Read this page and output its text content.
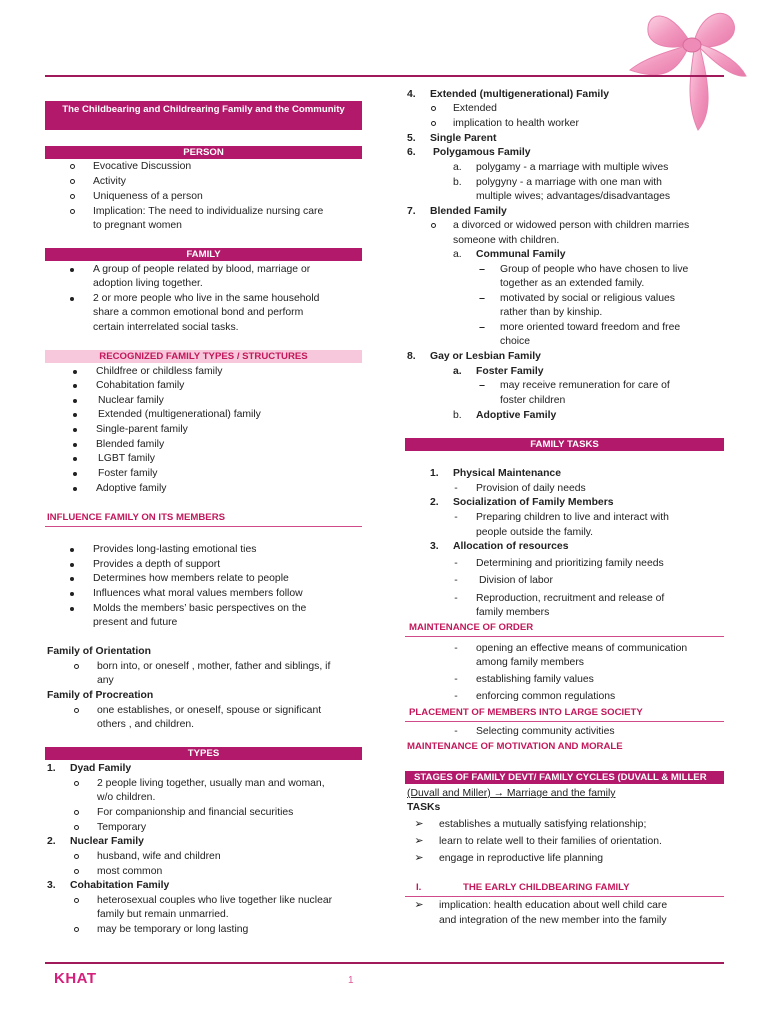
The Childbearing and Childrearing Family and the Community
PERSON
Evocative Discussion
Activity
Uniqueness of a person
Implication: The need to individualize nursing care
to pregnant women
FAMILY
A group of people related by blood, marriage or
adoption living together.
2 or more people who live in the same household
share a common emotional bond and perform
certain interrelated social tasks.
RECOGNIZED FAMILY TYPES / STRUCTURES
Childfree or childless family
Cohabitation family
Nuclear family
Extended (multigenerational) family
Single-parent family
Blended family
LGBT family
Foster family
Adoptive family
INFLUENCE FAMILY ON ITS MEMBERS
Provides long-lasting emotional ties
Provides a depth of support
Determines how members relate to people
Influences what moral values members follow
Molds the members’ basic perspectives on the
present and future
Family of Orientation
born into, or oneself , mother, father and siblings, if
any
Family of Procreation
one establishes, or oneself, spouse or significant
others , and children.
TYPES
1. Dyad Family
2 people living together, usually man and woman,
w/o children.
For companionship and financial securities
Temporary
2. Nuclear Family
husband, wife and children
most common
3. Cohabitation Family
heterosexual couples who live together like nuclear
family but remain unmarried.
may be temporary or long lasting
4. Extended (multigenerational) Family
Extended
implication to health worker
5. Single Parent
6. Polygamous Family
a. polygamy - a marriage with multiple wives
b. polygyny - a marriage with one man with
multiple wives; advantages/disadvantages
7. Blended Family
a divorced or widowed person with children marries
someone with children.
a. Communal Family
– Group of people who have chosen to live
together as an extended family.
– motivated by social or religious values
rather than by kinship.
– more oriented toward freedom and free
choice
8. Gay or Lesbian Family
a. Foster Family
– may receive remuneration for care of
foster children
b. Adoptive Family
FAMILY TASKS
1. Physical Maintenance
-	Provision of daily needs
2. Socialization of Family Members
-	Preparing children to live and interact with
people outside the family.
3. Allocation of resources
-	Determining and prioritizing family needs
-	Division of labor
-	Reproduction, recruitment and release of
family members
MAINTENANCE OF ORDER
-	opening an effective means of communication
among family members
-	establishing family values
-	enforcing common regulations
PLACEMENT OF MEMBERS INTO LARGE SOCIETY
-	Selecting community activities
MAINTENANCE OF MOTIVATION AND MORALE
STAGES OF FAMILY DEVT/ FAMILY CYCLES (DUVALL & MILLER
(Duvall and Miller) → Marriage and the family
TASKs
➢ establishes a mutually satisfying relationship;
➢ learn to relate well to their families of orientation.
➢ engage in reproductive life planning
I.	THE EARLY CHILDBEARING FAMILY
➢ implication: health education about well child care
and integration of the new member into the family
KHAT	1
